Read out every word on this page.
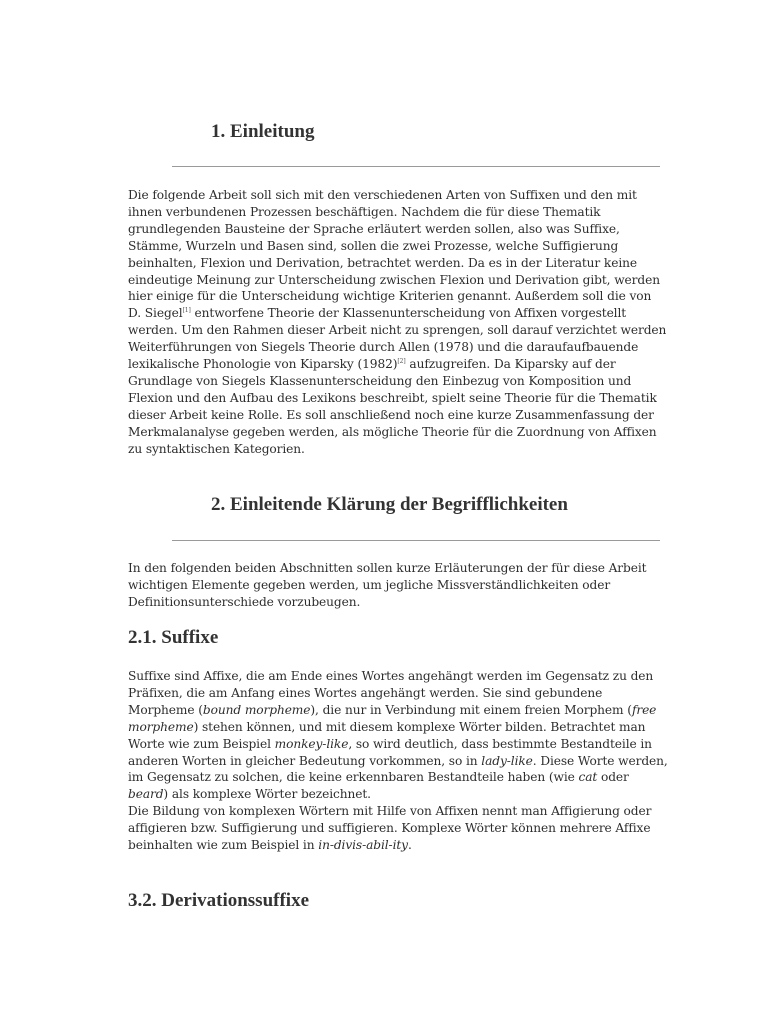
1. Einleitung

Die folgende Arbeit soll sich mit den verschiedenen Arten von Suffixen und den mit ihnen verbundenen Prozessen beschäftigen. Nachdem die für diese Thematik grundlegenden Bausteine der Sprache erläutert werden sollen, also was Suffixe, Stämme, Wurzeln und Basen sind, sollen die zwei Prozesse, welche Suffigierung beinhalten, Flexion und Derivation, betrachtet werden. Da es in der Literatur keine eindeutige Meinung zur Unterscheidung zwischen Flexion und Derivation gibt, werden hier einige für die Unterscheidung wichtige Kriterien genannt. Außerdem soll die von D. Siegel[1] entworfene Theorie der Klassenunterscheidung von Affixen vorgestellt werden. Um den Rahmen dieser Arbeit nicht zu sprengen, soll darauf verzichtet werden Weiterführungen von Siegels Theorie durch Allen (1978) und die daraufaufbauende lexikalische Phonologie von Kiparsky (1982)[2] aufzugreifen. Da Kiparsky auf der Grundlage von Siegels Klassenunterscheidung den Einbezug von Komposition und Flexion und den Aufbau des Lexikons beschreibt, spielt seine Theorie für die Thematik dieser Arbeit keine Rolle. Es soll anschließend noch eine kurze Zusammenfassung der Merkmalanalyse gegeben werden, als mögliche Theorie für die Zuordnung von Affixen zu syntaktischen Kategorien.

2. Einleitende Klärung der Begrifflichkeiten

In den folgenden beiden Abschnitten sollen kurze Erläuterungen der für diese Arbeit wichtigen Elemente gegeben werden, um jegliche Missverständlichkeiten oder Definitionsunterschiede vorzubeugen.

2.1. Suffixe

Suffixe sind Affixe, die am Ende eines Wortes angehängt werden im Gegensatz zu den Präfixen, die am Anfang eines Wortes angehängt werden. Sie sind gebundene Morpheme (bound morpheme), die nur in Verbindung mit einem freien Morphem (free morpheme) stehen können, und mit diesem komplexe Wörter bilden. Betrachtet man Worte wie zum Beispiel monkey-like, so wird deutlich, dass bestimmte Bestandteile in anderen Worten in gleicher Bedeutung vorkommen, so in lady-like. Diese Worte werden, im Gegensatz zu solchen, die keine erkennbaren Bestandteile haben (wie cat oder beard) als komplexe Wörter bezeichnet.
Die Bildung von komplexen Wörtern mit Hilfe von Affixen nennt man Affigierung oder affigieren bzw. Suffigierung und suffigieren. Komplexe Wörter können mehrere Affixe beinhalten wie zum Beispiel in in-divis-abil-ity.

3.2. Derivationssuffixe
